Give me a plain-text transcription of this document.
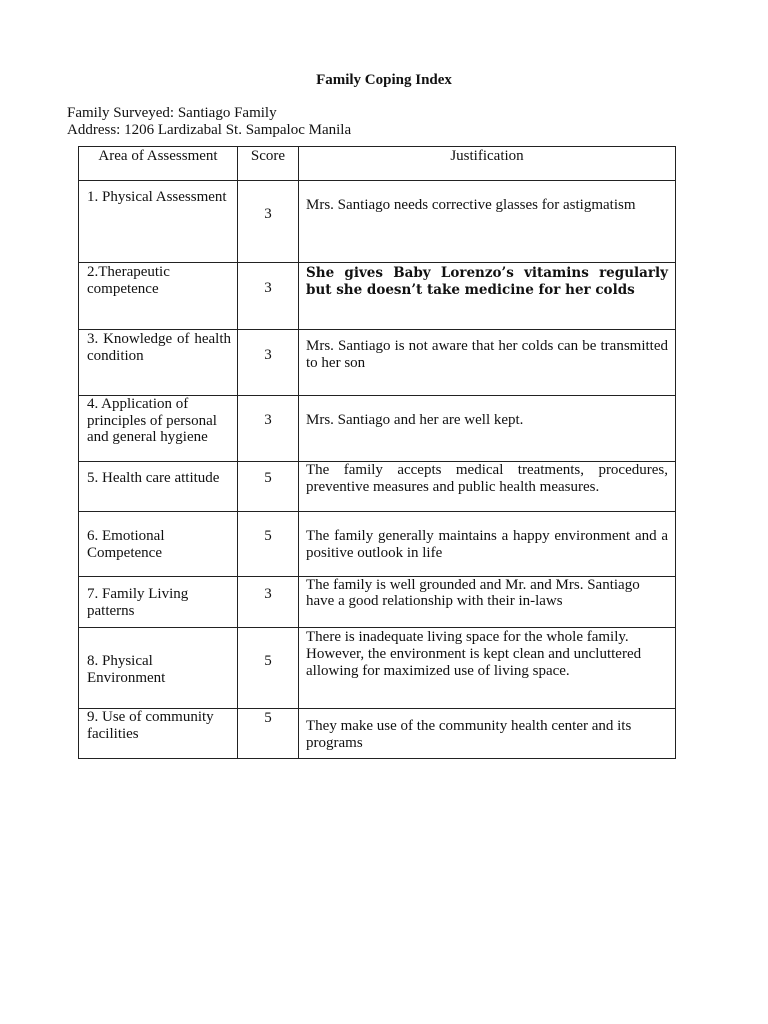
Family Coping Index
Family Surveyed: Santiago Family
Address: 1206 Lardizabal St. Sampaloc Manila
Area of Assessment	Score	Justification
1. Physical Assessment	3	Mrs. Santiago needs corrective glasses for astigmatism
2.Therapeutic competence	3	She gives Baby Lorenzo’s vitamins regularly but she doesn’t take medicine for her colds
3. Knowledge of health condition	3	Mrs. Santiago is not aware that her colds can be transmitted to her son
4. Application of principles of personal and general hygiene	3	Mrs. Santiago and her are well kept.
5. Health care attitude	5	The family accepts medical treatments, procedures, preventive measures and public health measures.
6. Emotional Competence	5	The family generally maintains a happy environment and a positive outlook in life
7. Family Living patterns	3	The family is well grounded and Mr. and Mrs. Santiago have a good relationship with their in-laws
8. Physical Environment	5	There is inadequate living space for the whole family. However, the environment is kept clean and uncluttered allowing for maximized use of living space.
9. Use of community facilities	5	They make use of the community health center and its programs
